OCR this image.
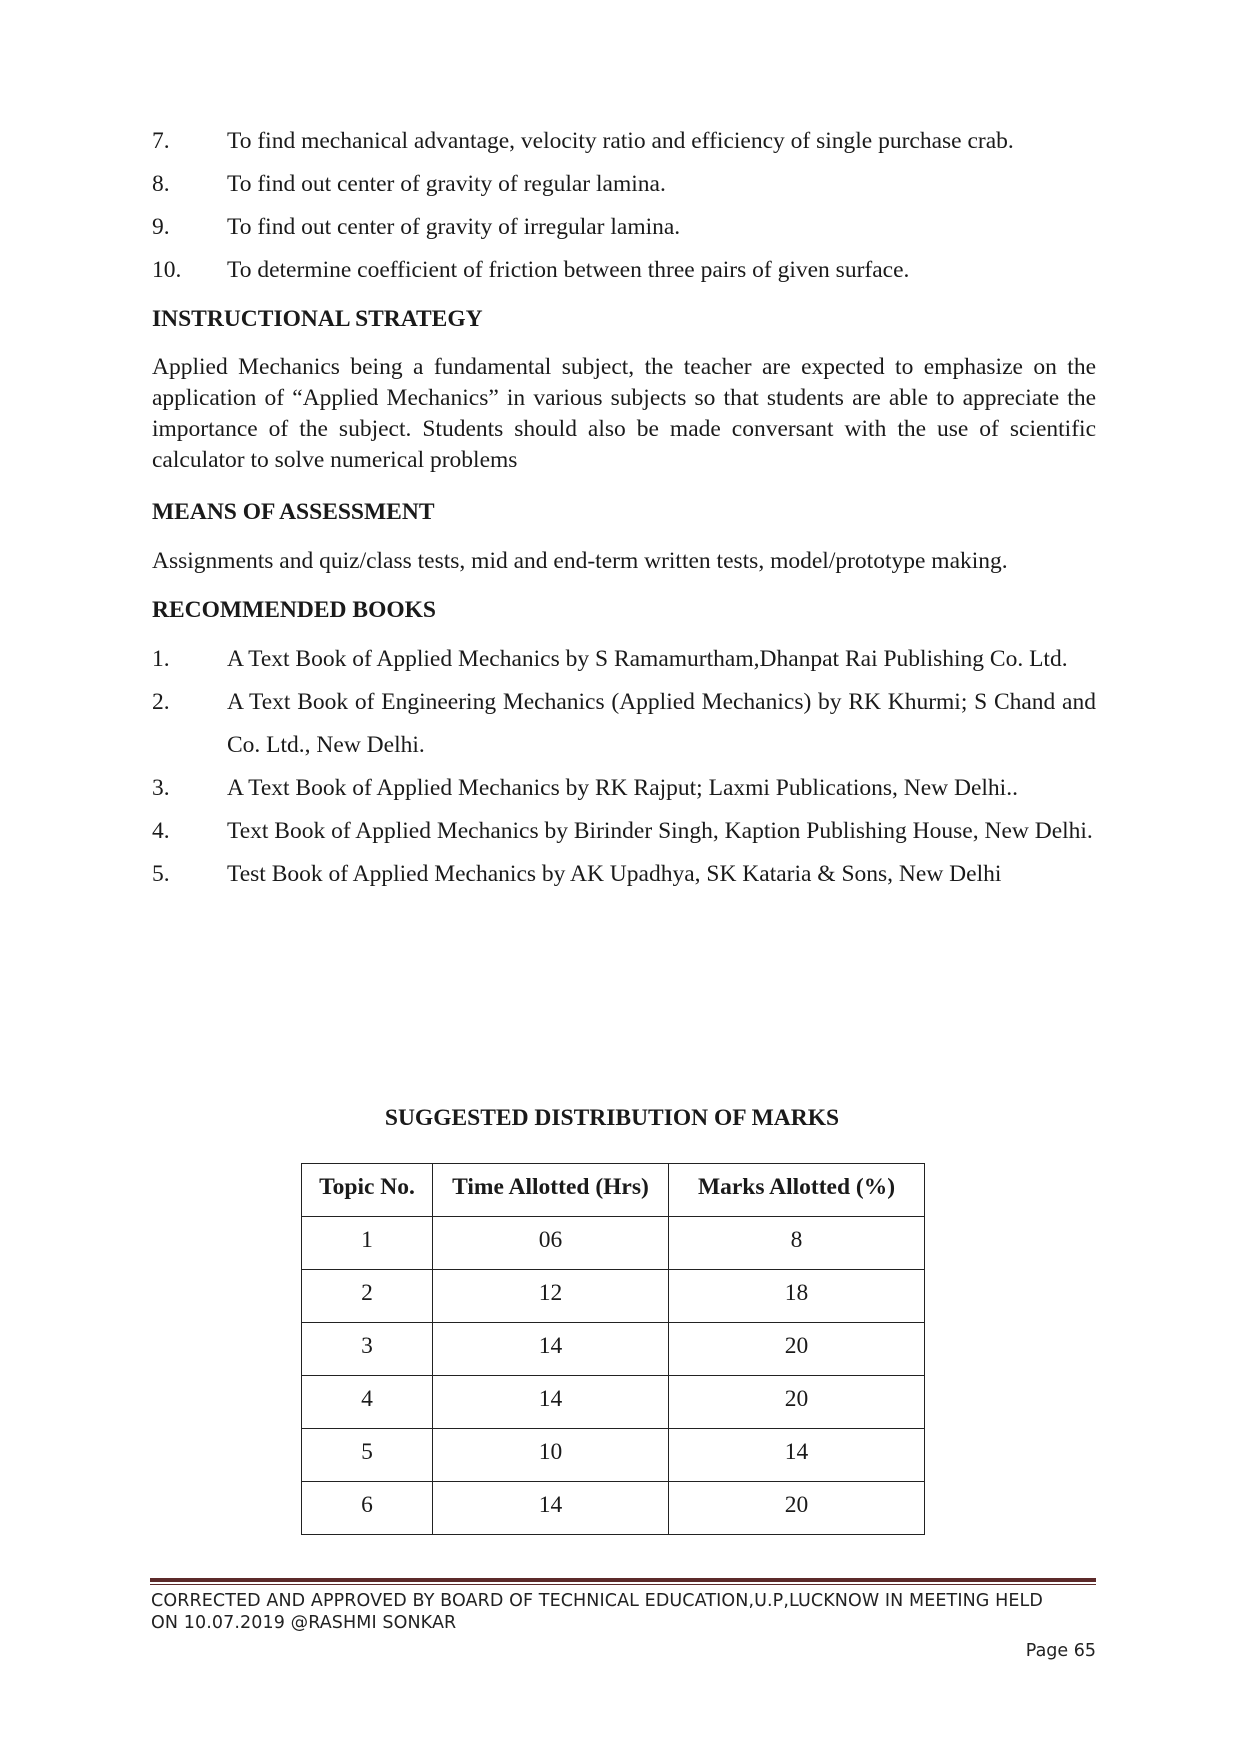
7.	To find mechanical advantage, velocity ratio and efficiency of single purchase crab.
8.	To find out center of gravity of regular lamina.
9.	To find out center of gravity of irregular lamina.
10.	To determine coefficient of friction between three pairs of given surface.
INSTRUCTIONAL STRATEGY

Applied Mechanics being a fundamental subject, the teacher are expected to emphasize on the application of “Applied Mechanics” in various subjects so that students are able to appreciate the importance of the subject. Students should also be made conversant with the use of scientific calculator to solve numerical problems

MEANS OF ASSESSMENT

Assignments and quiz/class tests, mid and end-term written tests, model/prototype making.

RECOMMENDED BOOKS
1.	A Text Book of Applied Mechanics by S Ramamurtham,Dhanpat Rai Publishing Co. Ltd.
2.	A Text Book of Engineering Mechanics (Applied Mechanics) by RK Khurmi; S Chand and Co. Ltd., New Delhi.
3.	A Text Book of Applied Mechanics by RK Rajput; Laxmi Publications, New Delhi..
4.	Text Book of Applied Mechanics by Birinder Singh, Kaption Publishing House, New Delhi.
5.	Test Book of Applied Mechanics by AK Upadhya, SK Kataria & Sons, New Delhi
SUGGESTED DISTRIBUTION OF MARKS
Topic No.	Time Allotted (Hrs)	Marks Allotted (%)
1	06	8
2	12	18
3	14	20
4	14	20
5	10	14
6	14	20
CORRECTED AND APPROVED BY BOARD OF TECHNICAL EDUCATION,U.P,LUCKNOW IN MEETING HELD
ON 10.07.2019 @RASHMI SONKAR
Page 65
